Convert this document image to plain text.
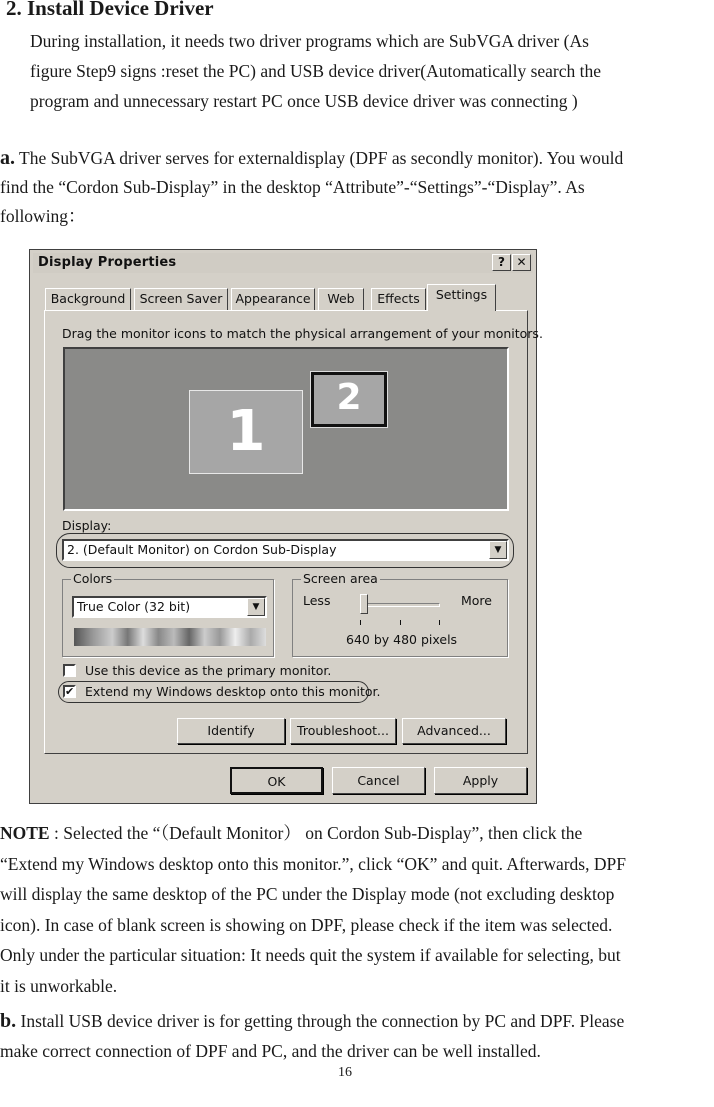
2. Install Device Driver
During installation, it needs two driver programs which are SubVGA driver (As
figure Step9 signs :reset the PC) and USB device driver(Automatically search the
program and unnecessary restart PC once USB device driver was connecting )
a. The SubVGA driver serves for externaldisplay (DPF as secondly monitor). You would
find the “Cordon Sub-Display” in the desktop “Attribute”-“Settings”-“Display”. As
following：
Display Properties	? ✕
Background	Screen Saver	Appearance	Web	Effects	Settings
Drag the monitor icons to match the physical arrangement of your monitors.
1
2
Display:
2. (Default Monitor) on Cordon Sub-Display	▼
Colors
True Color (32 bit)	▼
Screen area
Less	More
640 by 480 pixels
Use this device as the primary monitor.
✔ Extend my Windows desktop onto this monitor.
Identify	Troubleshoot...	Advanced...
OK	Cancel	Apply
NOTE : Selected the “（Default Monitor） on Cordon Sub-Display”, then click the
“Extend my Windows desktop onto this monitor.”, click “OK” and quit. Afterwards, DPF
will display the same desktop of the PC under the Display mode (not excluding desktop
icon). In case of blank screen is showing on DPF, please check if the item was selected.
Only under the particular situation: It needs quit the system if available for selecting, but
it is unworkable.
b. Install USB device driver is for getting through the connection by PC and DPF. Please
make correct connection of DPF and PC, and the driver can be well installed.
16
